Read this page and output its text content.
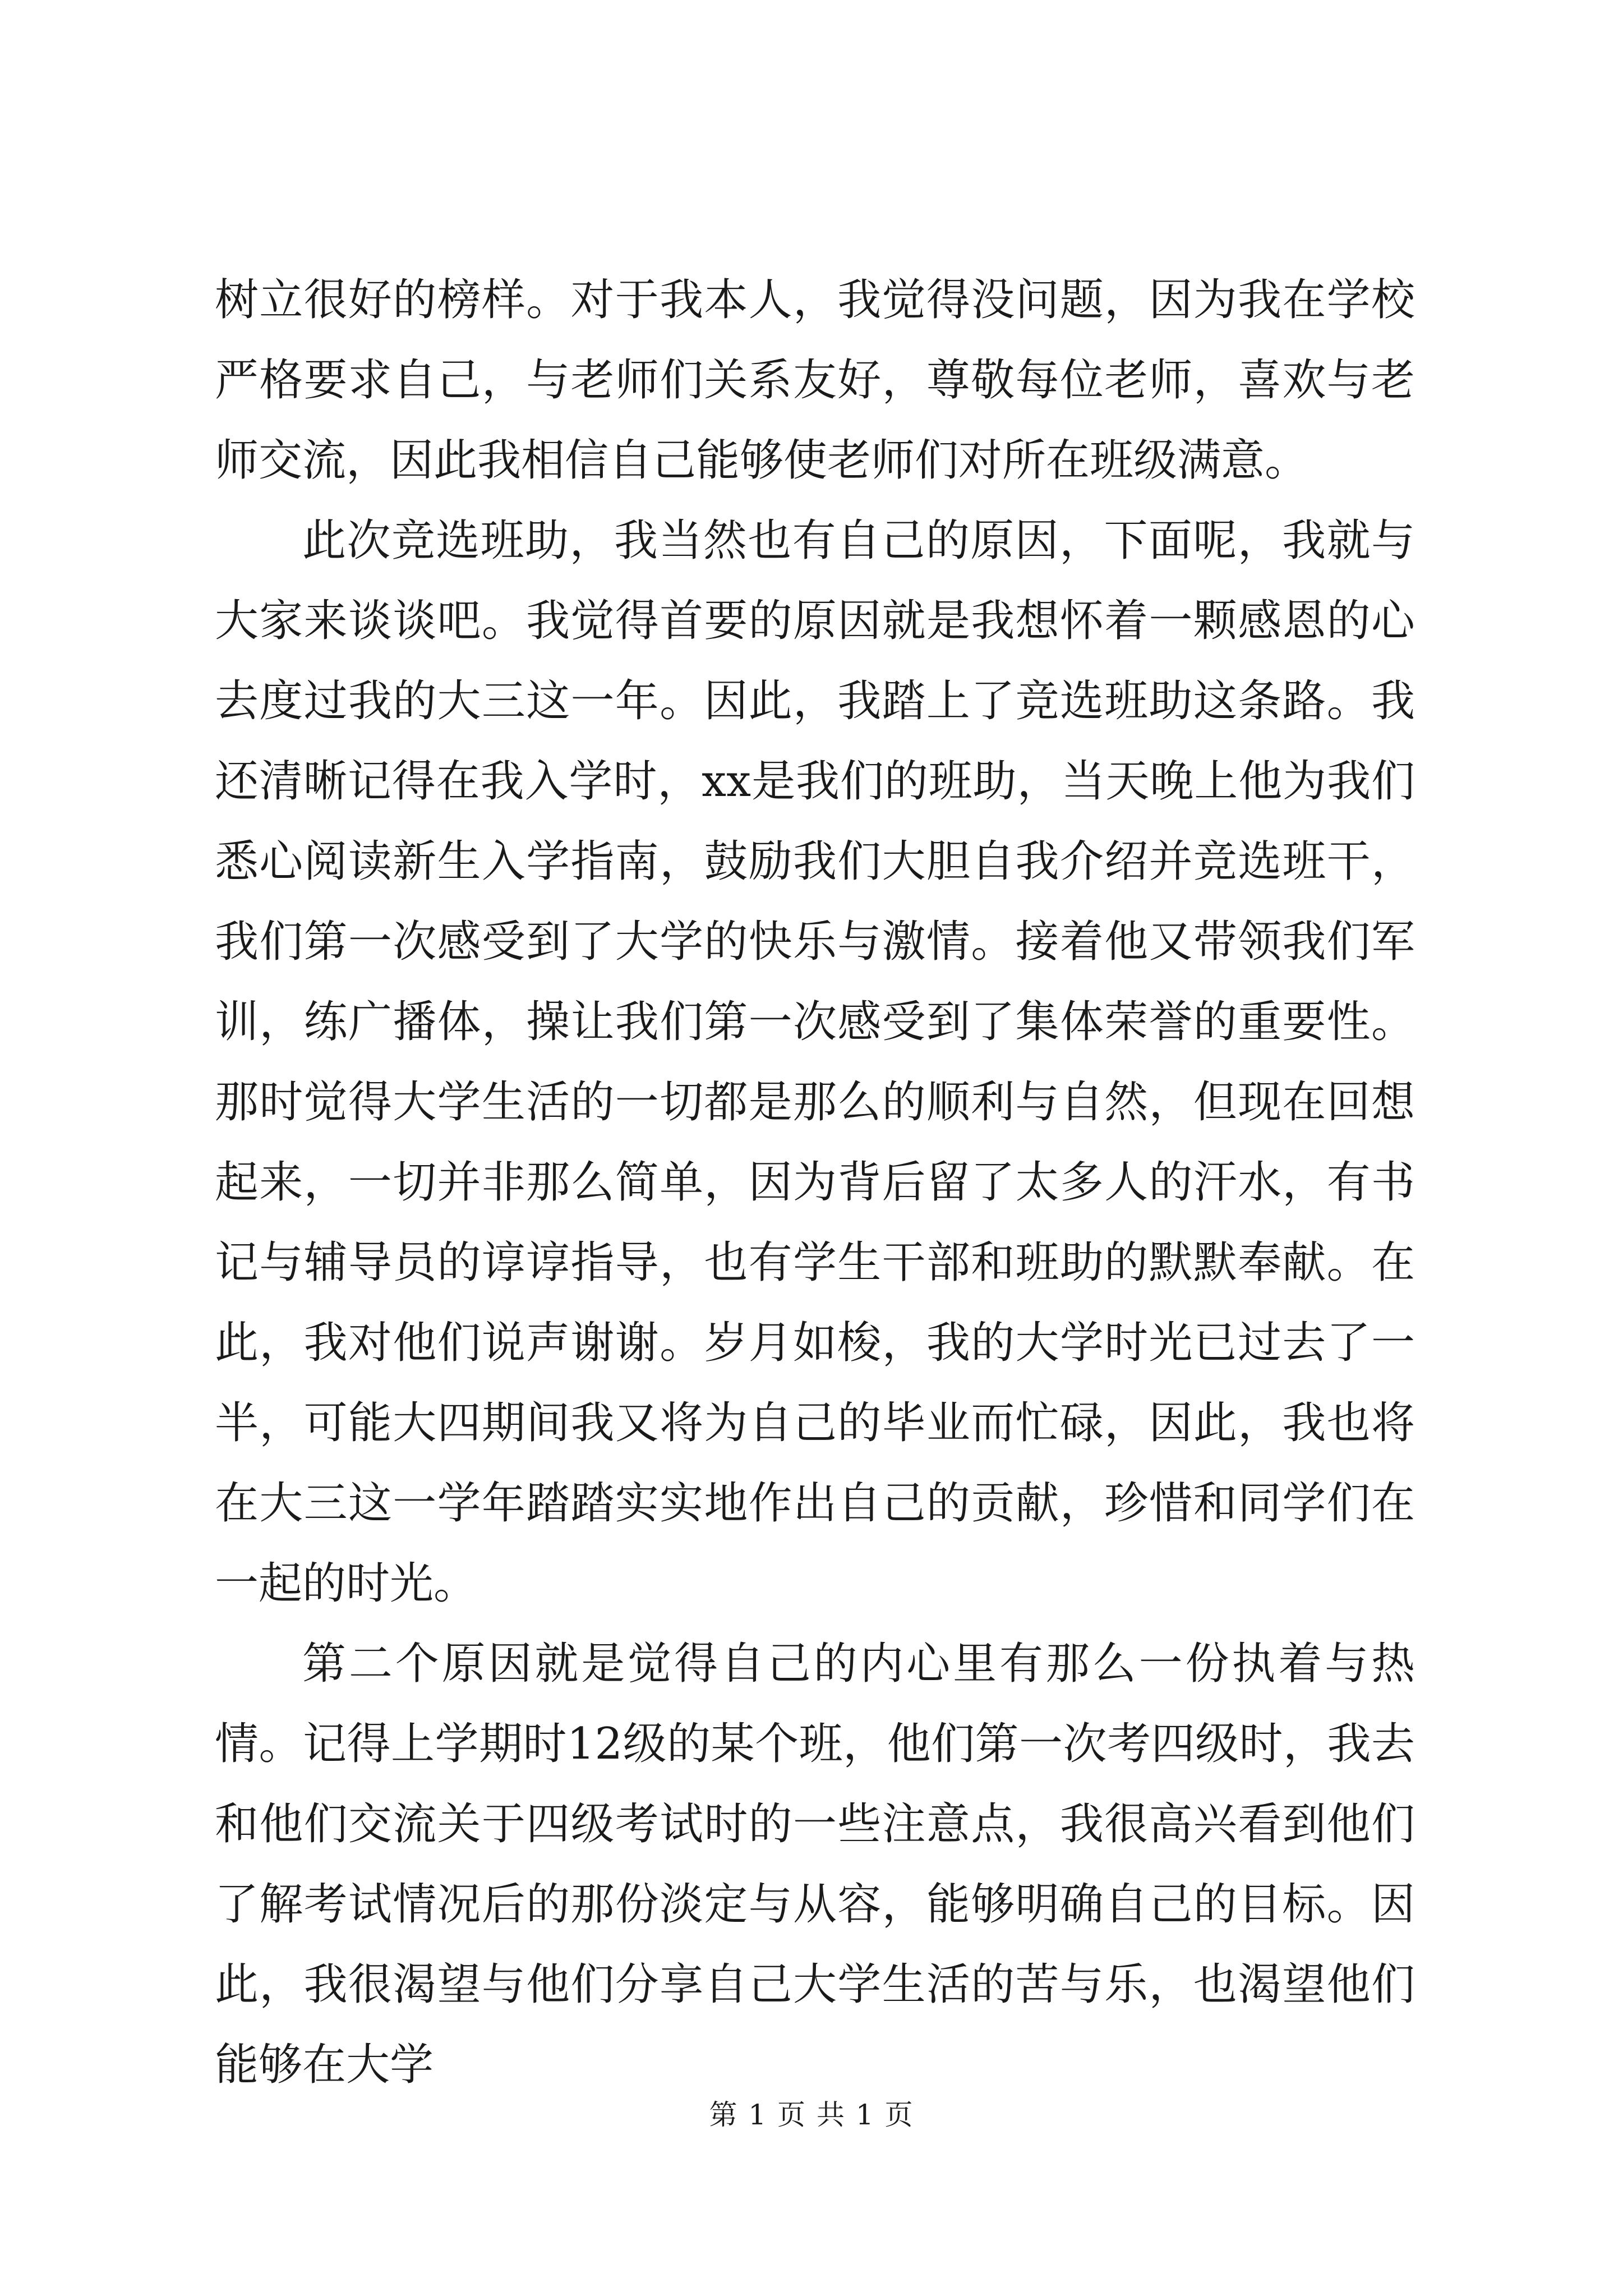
树立很好的榜样。对于我本人，我觉得没问题，因为我在学校严格要求自己，与老师们关系友好，尊敬每位老师，喜欢与老师交流，因此我相信自己能够使老师们对所在班级满意。

此次竞选班助，我当然也有自己的原因，下面呢，我就与大家来谈谈吧。我觉得首要的原因就是我想怀着一颗感恩的心去度过我的大三这一年。因此，我踏上了竞选班助这条路。我还清晰记得在我入学时，xx是我们的班助，当天晚上他为我们悉心阅读新生入学指南，鼓励我们大胆自我介绍并竞选班干，我们第一次感受到了大学的快乐与激情。接着他又带领我们军训，练广播体，操让我们第一次感受到了集体荣誉的重要性。那时觉得大学生活的一切都是那么的顺利与自然，但现在回想起来，一切并非那么简单，因为背后留了太多人的汗水，有书记与辅导员的谆谆指导，也有学生干部和班助的默默奉献。在此，我对他们说声谢谢。岁月如梭，我的大学时光已过去了一半，可能大四期间我又将为自己的毕业而忙碌，因此，我也将在大三这一学年踏踏实实地作出自己的贡献，珍惜和同学们在一起的时光。

第二个原因就是觉得自己的内心里有那么一份执着与热情。记得上学期时12级的某个班，他们第一次考四级时，我去和他们交流关于四级考试时的一些注意点，我很高兴看到他们了解考试情况后的那份淡定与从容，能够明确自己的目标。因此，我很渴望与他们分享自己大学生活的苦与乐，也渴望他们能够在大学

第 1 页 共 1 页
